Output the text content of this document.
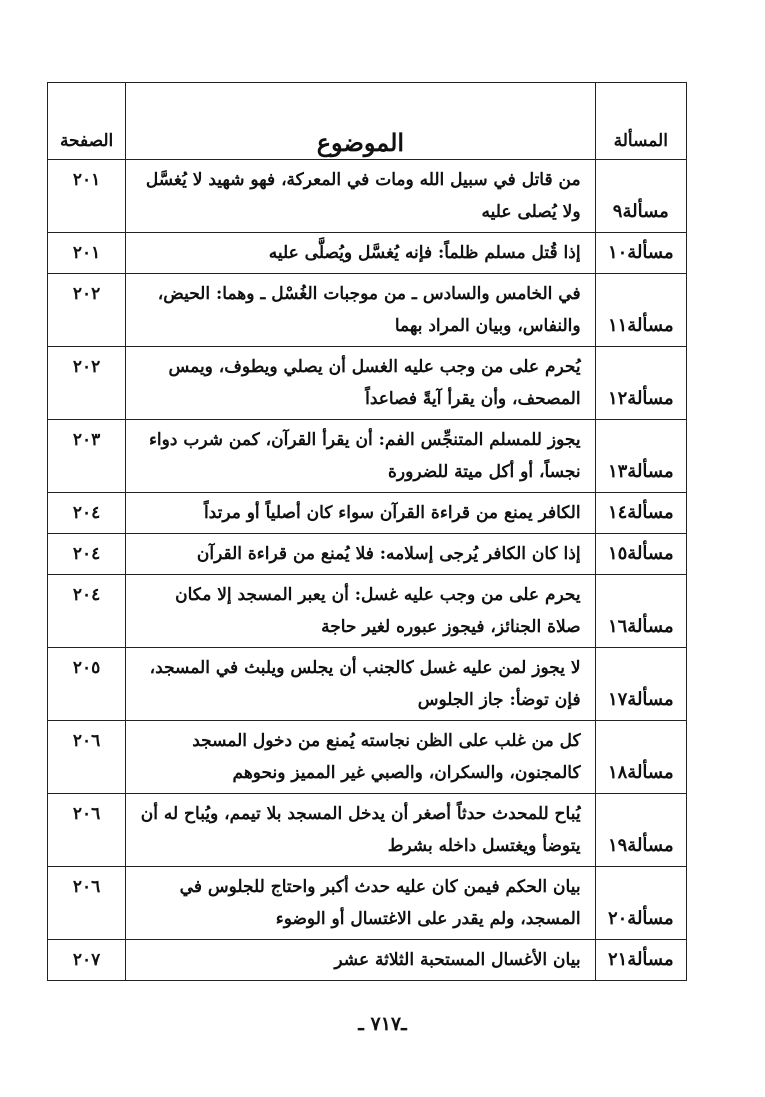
المسألة	الموضوع	الصفحة
مسألة٩	من قاتل في سبيل الله ومات في المعركة، فهو شهيد لا يُغسَّل ولا يُصلى عليه	٢٠١
مسألة١٠	إذا قُتل مسلم ظلماً: فإنه يُغسَّل ويُصلَّى عليه	٢٠١
مسألة١١	في الخامس والسادس ـ من موجبات الغُسْل ـ وهما: الحيض، والنفاس، وبيان المراد بهما	٢٠٢
مسألة١٢	يُحرم على من وجب عليه الغسل أن يصلي ويطوف، ويمس المصحف، وأن يقرأ آيةً فصاعداً	٢٠٢
مسألة١٣	يجوز للمسلم المتنجِّس الفم: أن يقرأ القرآن، كمن شرب دواء نجساً، أو أكل ميتة للضرورة	٢٠٣
مسألة١٤	الكافر يمنع من قراءة القرآن سواء كان أصلياً أو مرتداً	٢٠٤
مسألة١٥	إذا كان الكافر يُرجى إسلامه: فلا يُمنع من قراءة القرآن	٢٠٤
مسألة١٦	يحرم على من وجب عليه غسل: أن يعبر المسجد إلا مكان صلاة الجنائز، فيجوز عبوره لغير حاجة	٢٠٤
مسألة١٧	لا يجوز لمن عليه غسل كالجنب أن يجلس ويلبث في المسجد، فإن توضأ: جاز الجلوس	٢٠٥
مسألة١٨	كل من غلب على الظن نجاسته يُمنع من دخول المسجد كالمجنون، والسكران، والصبي غير المميز ونحوهم	٢٠٦
مسألة١٩	يُباح للمحدث حدثاً أصغر أن يدخل المسجد بلا تيمم، ويُباح له أن يتوضأ ويغتسل داخله بشرط	٢٠٦
مسألة٢٠	بيان الحكم فيمن كان عليه حدث أكبر واحتاج للجلوس في المسجد، ولم يقدر على الاغتسال أو الوضوء	٢٠٦
مسألة٢١	بيان الأغسال المستحبة الثلاثة عشر	٢٠٧
ـ٧١٧ ـ
